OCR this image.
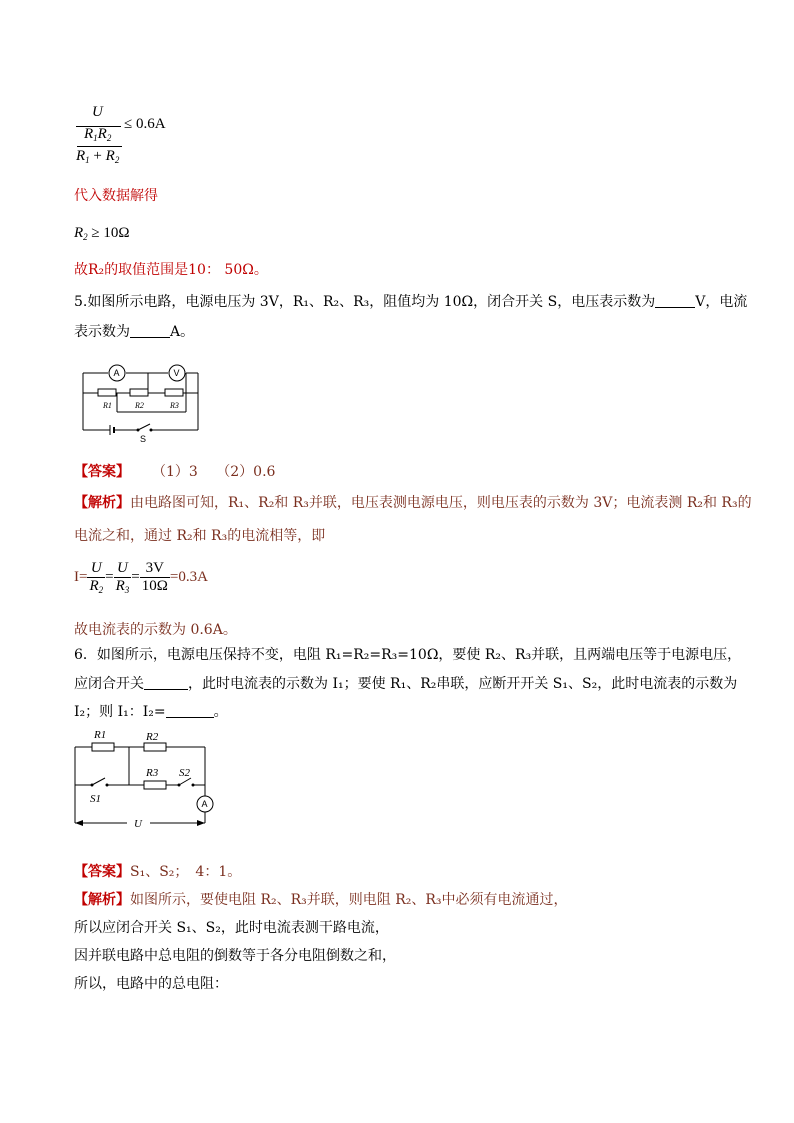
U
$R_1R_2$
$R_1 + R_2$
≤ 0.6A
代入数据解得
$R_2 \ge 10\Omega$
故R₂的取值范围是10： 50Ω。
5.如图所示电路，电源电压为 3V，R₁、R₂、R₃，阻值均为 10Ω，闭合开关 S，电压表示数为	V，电流
表示数为	A。
A	V
S
R1	R2	R3
【答案】 （1）3　 （2）0.6
【解析】由电路图可知，R₁、R₂和 R₃并联，电压表测电源电压，则电压表的示数为 3V；电流表测 R₂和 R₃的
电流之和，通过 R₂和 R₃的电流相等，即
$I= \frac{U}{R_2} = \frac{U}{R_3} = \frac{3V}{10\Omega} =0.3A$
故电流表的示数为 0.6A。
6．如图所示，电源电压保持不变，电阻 R₁=R₂=R₃=10Ω，要使 R₂、R₃并联，且两端电压等于电源电压，
应闭合开关	，此时电流表的示数为 I₁；要使 R₁、R₂串联，应断开开关 S₁、S₂，此时电流表的示数为
I₂；则 I₁：I₂=	。
A
R1	R2
R3
S1
S2
U
【答案】S₁、S₂；　4：1。
【解析】如图所示，要使电阻 R₂、R₃并联，则电阻 R₂、R₃中必须有电流通过，
所以应闭合开关 S₁、S₂，此时电流表测干路电流，
因并联电路中总电阻的倒数等于各分电阻倒数之和，
所以，电路中的总电阻：
